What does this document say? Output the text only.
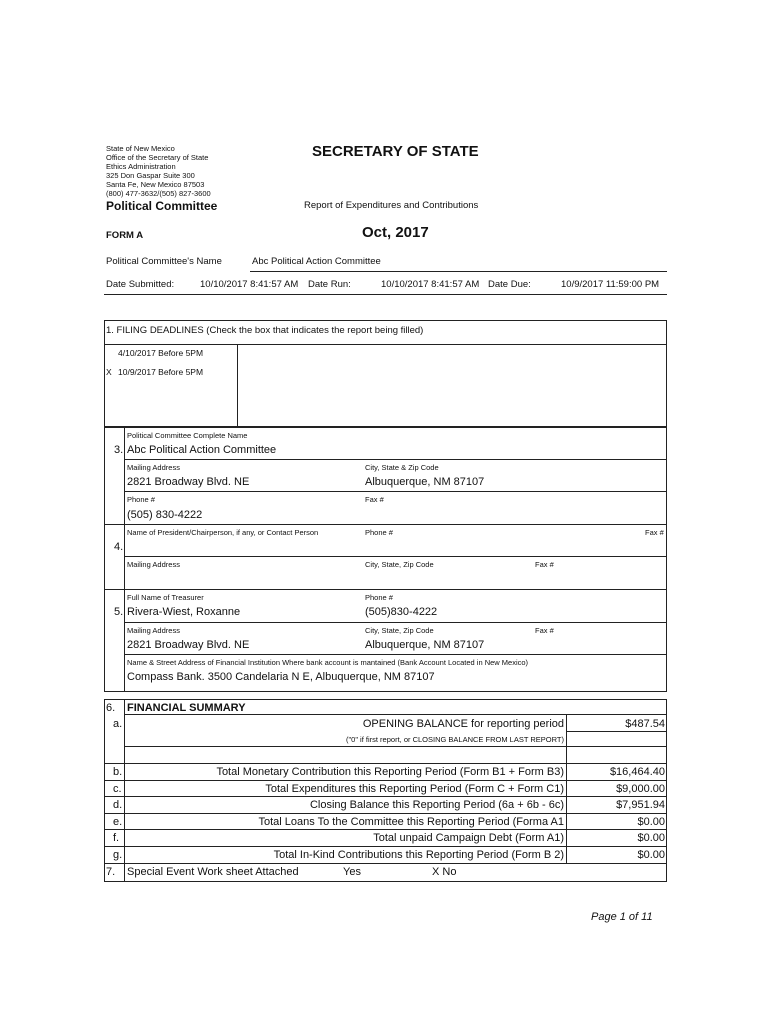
State of New Mexico
Office of the Secretary of State
Ethics Administration
325 Don Gaspar Suite 300
Santa Fe, New Mexico 87503
(800) 477-3632/(505) 827-3600
SECRETARY OF STATE
Political Committee	Report of Expenditures and Contributions
FORM A	Oct, 2017
Political Committee's Name	Abc Political Action Committee
Date Submitted:	10/10/2017 8:41:57 AM Date Run:	10/10/2017 8:41:57 AM Date Due:	10/9/2017 11:59:00 PM
1. FILING DEADLINES (Check the box that indicates the report being filled)
4/10/2017 Before 5PM
X 10/9/2017 Before 5PM
3.
Political Committee Complete Name
Abc Political Action Committee
Mailing Address	City, State & Zip Code
2821 Broadway Blvd. NE	Albuquerque, NM 87107
Phone #	Fax #
(505) 830-4222
4.
Name of President/Chairperson, if any, or Contact Person	Phone #	Fax #
Mailing Address	City, State, Zip Code	Fax #
5.
Full Name of Treasurer	Phone #
Rivera-Wiest, Roxanne	(505)830-4222
Mailing Address	City, State, Zip Code	Fax #
2821 Broadway Blvd. NE	Albuquerque, NM 87107
Name & Street Address of Financial Institution Where bank account is mantained (Bank Account Located in New Mexico)
Compass Bank. 3500 Candelaria N E, Albuquerque, NM 87107
6. FINANCIAL SUMMARY
a.	OPENING BALANCE for reporting period	$487.54
("0" if first report, or CLOSING BALANCE FROM LAST REPORT)
b.	Total Monetary Contribution this Reporting Period (Form B1 + Form B3)	$16,464.40
c.	Total Expenditures this Reporting Period (Form C + Form C1)	$9,000.00
d.	Closing Balance this Reporting Period (6a + 6b - 6c)	$7,951.94
e.	Total Loans To the Committee this Reporting Period (Forma A1	$0.00
f.	Total unpaid Campaign Debt (Form A1)	$0.00
g.	Total In-Kind Contributions this Reporting Period (Form B 2)	$0.00
7. Special Event Work sheet Attached	Yes	X No
Page 1 of 11
